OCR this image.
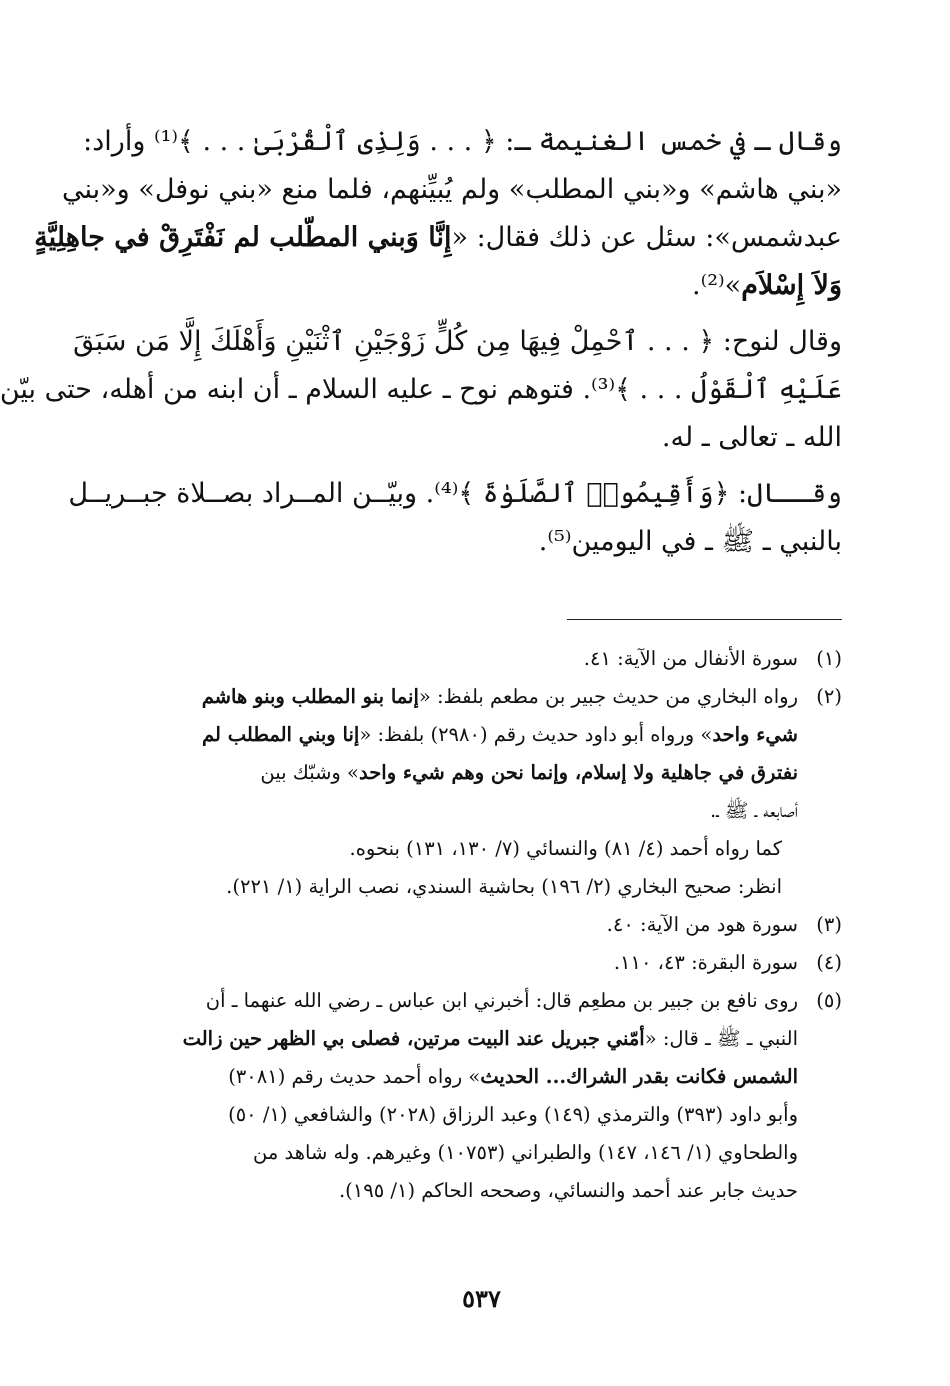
وقال ـ في خمس الغنيمة ـ: ﴿ . . . وَلِذِى ٱلْقُرْبَىٰ . . . ﴾⁽¹⁾ وأراد:
«بني هاشم» و«بني المطلب» ولم يُبيِّنهم، فلما منع «بني نوفل» و«بني
عبدشمس»: سئل عن ذلك فقال: «إِنَّا وَبني المطّلب لم نَفْتَرِقْ في جاهِلِيَّةٍ
وَلاَ إِسْلاَم»⁽²⁾.

وقال لنوح: ﴿ . . . ٱحْمِلْ فِيهَا مِن كُلٍّ زَوْجَيْنِ ٱثْنَيْنِ وَأَهْلَكَ إِلَّا مَن سَبَقَ
عَلَيْهِ ٱلْقَوْلُ . . . ﴾⁽³⁾. فتوهم نوح ـ عليه السلام ـ أن ابنه من أهله، حتى بيّن
الله ـ تعالى ـ له.

وقــال: ﴿وَأَقِيمُوا۟ ٱلصَّلَوٰةَ ﴾⁽⁴⁾. وبيّــن المــراد بصــلاة جبــريــل
بالنبي ـ ﷺ ـ في اليومين⁽⁵⁾.

(١)
سورة الأنفال من الآية: ٤١.
(٢)
رواه البخاري من حديث جبير بن مطعم بلفظ: «إنما بنو المطلب وبنو هاشم
شيء واحد» ورواه أبو داود حديث رقم (٢٩٨٠) بلفظ: «إنا وبني المطلب لم
نفترق في جاهلية ولا إسلام، وإنما نحن وهم شيء واحد» وشبّك بين
أصابعه ـ ﷺ ـ.
كما رواه أحمد (٤/ ٨١) والنسائي (٧/ ١٣٠، ١٣١) بنحوه.
انظر: صحيح البخاري (٢/ ١٩٦) بحاشية السندي، نصب الراية (١/ ٢٢١).
(٣)
سورة هود من الآية: ٤٠.
(٤)
سورة البقرة: ٤٣، ١١٠.
(٥)
روى نافع بن جبير بن مطعِم قال: أخبرني ابن عباس ـ رضي الله عنهما ـ أن
النبي ـ ﷺ ـ قال: «أمّني جبريل عند البيت مرتين، فصلى بي الظهر حين زالت
الشمس فكانت بقدر الشراك... الحديث» رواه أحمد حديث رقم (٣٠٨١)
وأبو داود (٣٩٣) والترمذي (١٤٩) وعبد الرزاق (٢٠٢٨) والشافعي (١/ ٥٠)
والطحاوي (١/ ١٤٦، ١٤٧) والطبراني (١٠٧٥٣) وغيرهم. وله شاهد من
حديث جابر عند أحمد والنسائي، وصححه الحاكم (١/ ١٩٥).
٥٣٧
